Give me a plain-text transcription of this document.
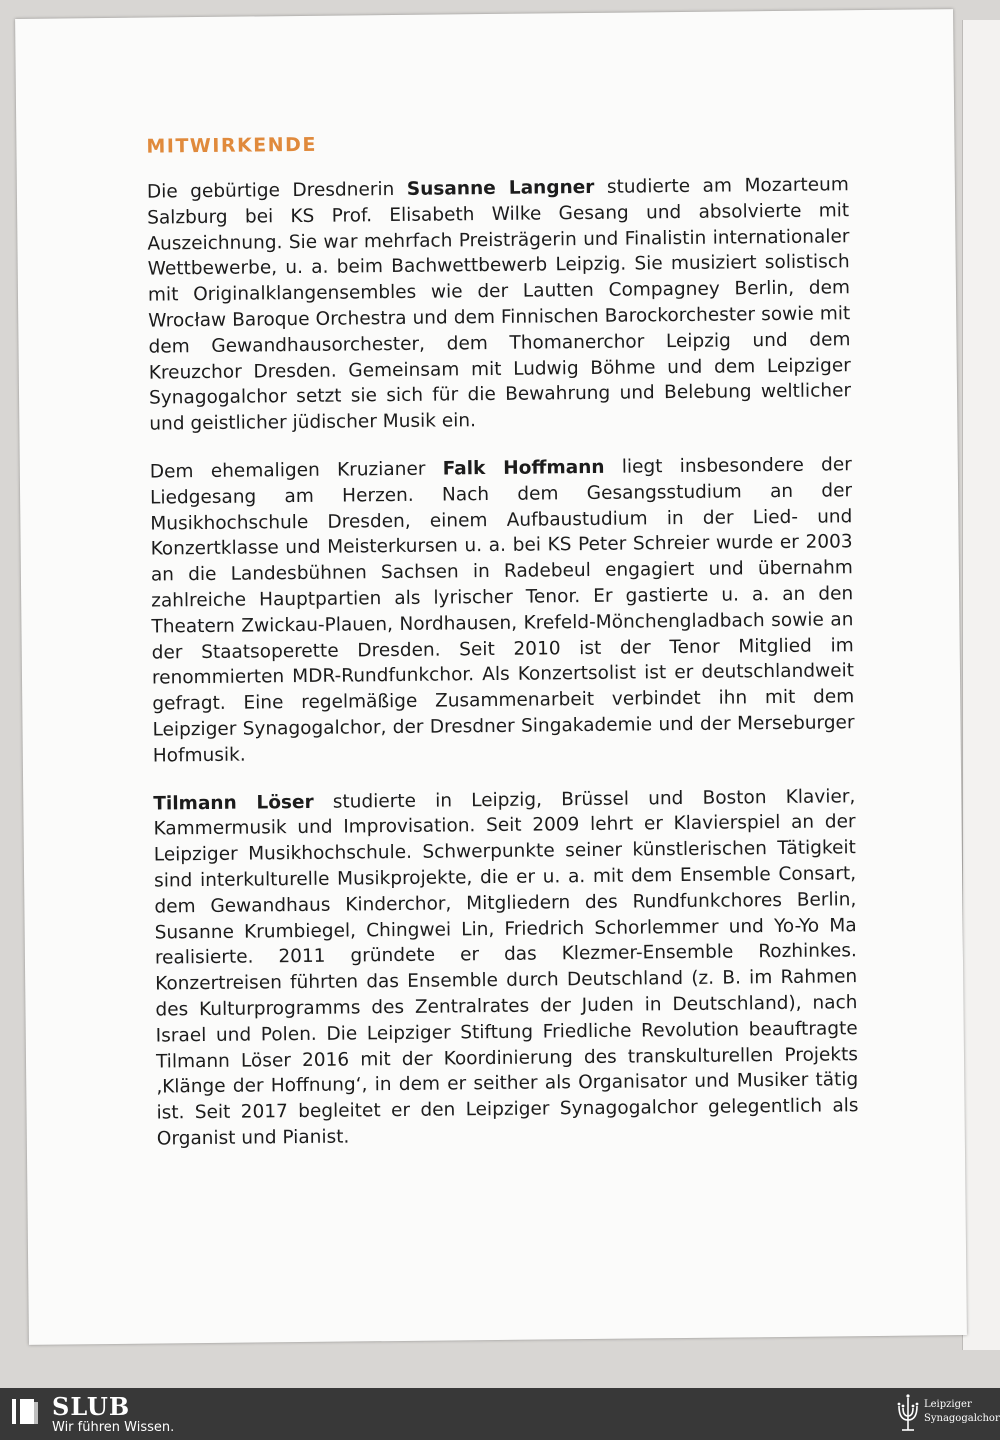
MITWIRKENDE

Die gebürtige Dresdnerin Susanne Langner studierte am Mozarteum Salzburg bei KS Prof. Elisabeth Wilke Gesang und absolvierte mit Auszeichnung. Sie war mehrfach Preisträgerin und Finalistin internationaler Wettbewerbe, u. a. beim Bachwettbewerb Leipzig. Sie musiziert solistisch mit Originalklangensembles wie der Lautten Compagney Berlin, dem Wrocław Baroque Orchestra und dem Finnischen Barockorchester sowie mit dem Gewandhausorchester, dem Thomanerchor Leipzig und dem Kreuzchor Dresden. Gemeinsam mit Ludwig Böhme und dem Leipziger Synagogalchor setzt sie sich für die Bewahrung und Belebung weltlicher und geistlicher jüdischer Musik ein.

Dem ehemaligen Kruzianer Falk Hoffmann liegt insbesondere der Liedgesang am Herzen. Nach dem Gesangsstudium an der Musikhochschule Dresden, einem Aufbaustudium in der Lied- und Konzertklasse und Meisterkursen u. a. bei KS Peter Schreier wurde er 2003 an die Landesbühnen Sachsen in Radebeul engagiert und übernahm zahlreiche Hauptpartien als lyrischer Tenor. Er gastierte u. a. an den Theatern Zwickau-Plauen, Nordhausen, Krefeld-Mönchengladbach sowie an der Staatsoperette Dresden. Seit 2010 ist der Tenor Mitglied im renommierten MDR-Rundfunkchor. Als Konzertsolist ist er deutschlandweit gefragt. Eine regelmäßige Zusammenarbeit verbindet ihn mit dem Leipziger Synagogalchor, der Dresdner Singakademie und der Merseburger Hofmusik.

Tilmann Löser studierte in Leipzig, Brüssel und Boston Klavier, Kammermusik und Improvisation. Seit 2009 lehrt er Klavierspiel an der Leipziger Musikhochschule. Schwerpunkte seiner künstlerischen Tätigkeit sind interkulturelle Musikprojekte, die er u. a. mit dem Ensemble Consart, dem Gewandhaus Kinderchor, Mitgliedern des Rundfunkchores Berlin, Susanne Krumbiegel, Chingwei Lin, Friedrich Schorlemmer und Yo-Yo Ma realisierte. 2011 gründete er das Klezmer-Ensemble Rozhinkes. Konzertreisen führten das Ensemble durch Deutschland (z. B. im Rahmen des Kulturprogramms des Zentralrates der Juden in Deutschland), nach Israel und Polen. Die Leipziger Stiftung Friedliche Revolution beauftragte Tilmann Löser 2016 mit der Koordinierung des transkulturellen Projekts ‚Klänge der Hoffnung‘, in dem er seither als Organisator und Musiker tätig ist. Seit 2017 begleitet er den Leipziger Synagogalchor gelegentlich als Organist und Pianist.

SLUB
Wir führen Wissen.
Leipziger
Synagogalchor
